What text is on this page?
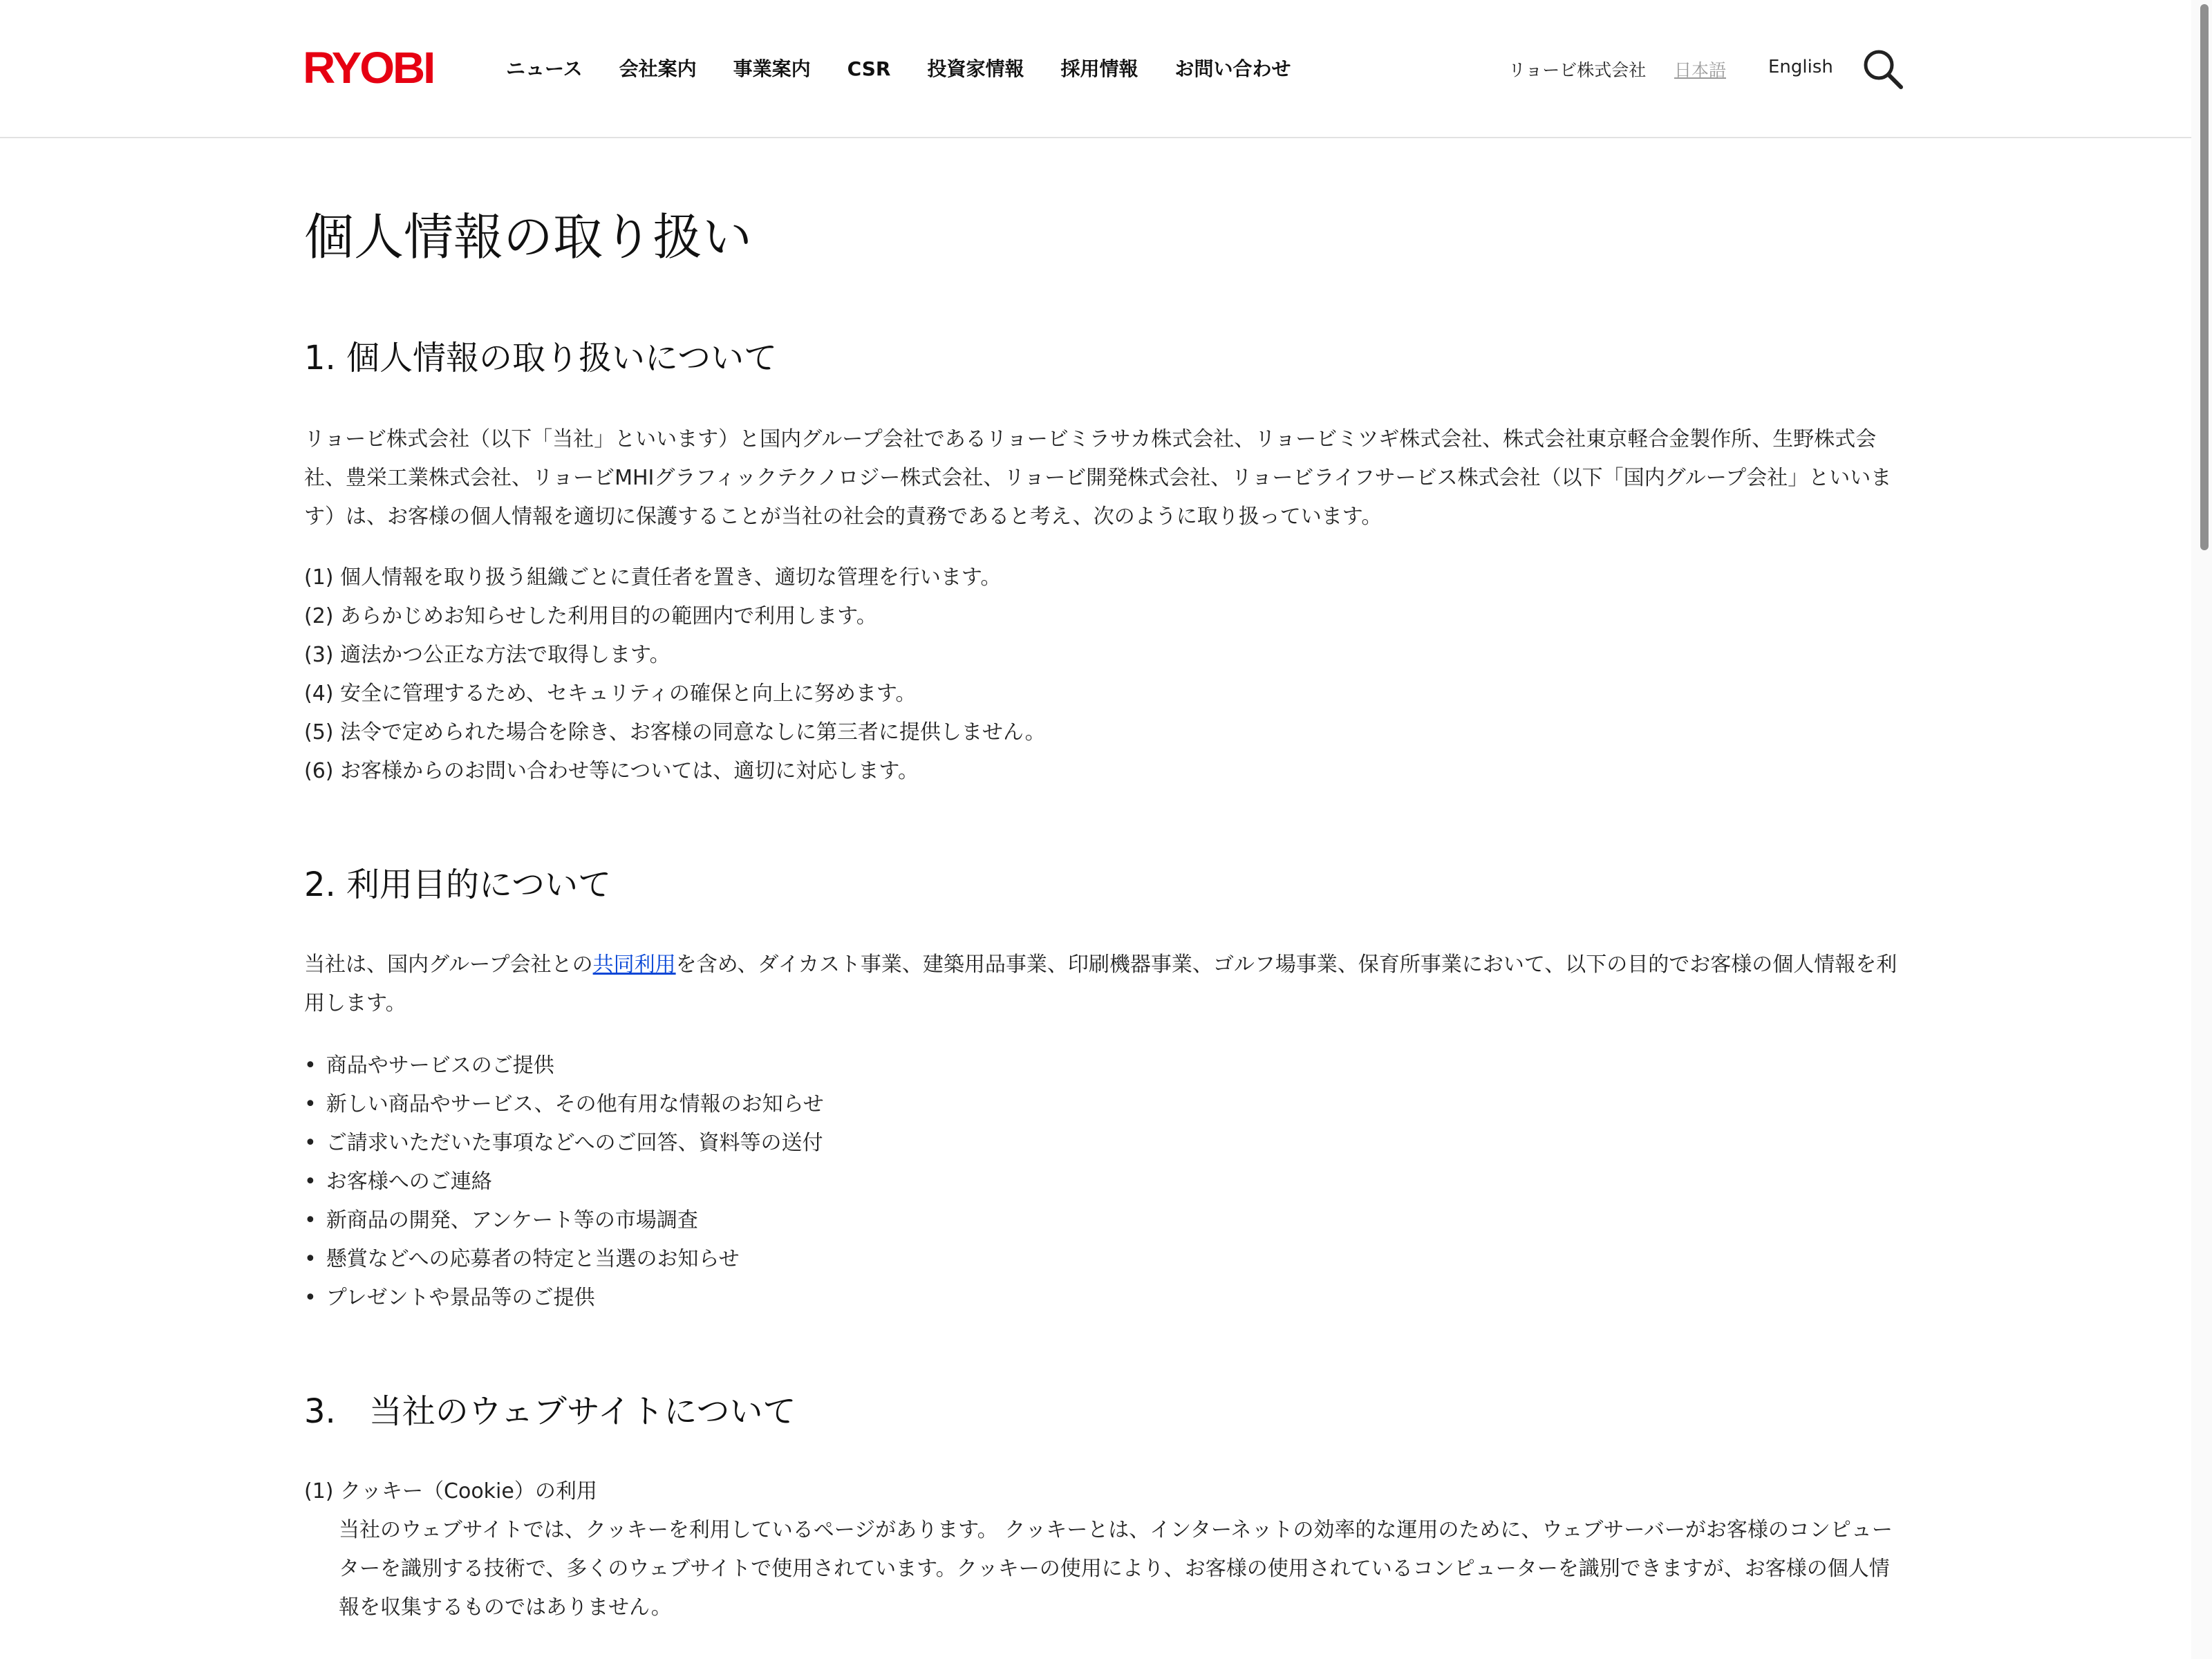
RYOBI	ニュース 会社案内 事業案内 CSR 投資家情報 採用情報 お問い合わせ	リョービ株式会社 日本語 English
個人情報の取り扱い
1. 個人情報の取り扱いについて
リョービ株式会社（以下「当社」といいます）と国内グループ会社であるリョービミラサカ株式会社、リョービミツギ株式会社、株式会社東京軽合金製作所、生野株式会社、豊栄工業株式会社、リョービMHIグラフィックテクノロジー株式会社、リョービ開発株式会社、リョービライフサービス株式会社（以下「国内グループ会社」といいます）は、お客様の個人情報を適切に保護することが当社の社会的責務であると考え、次のように取り扱っています。
(1) 個人情報を取り扱う組織ごとに責任者を置き、適切な管理を行います。
(2) あらかじめお知らせした利用目的の範囲内で利用します。
(3) 適法かつ公正な方法で取得します。
(4) 安全に管理するため、セキュリティの確保と向上に努めます。
(5) 法令で定められた場合を除き、お客様の同意なしに第三者に提供しません。
(6) お客様からのお問い合わせ等については、適切に対応します。
2. 利用目的について
当社は、国内グループ会社との共同利用を含め、ダイカスト事業、建築用品事業、印刷機器事業、ゴルフ場事業、保育所事業において、以下の目的でお客様の個人情報を利用します。
• 商品やサービスのご提供
• 新しい商品やサービス、その他有用な情報のお知らせ
• ご請求いただいた事項などへのご回答、資料等の送付
• お客様へのご連絡
• 新商品の開発、アンケート等の市場調査
• 懸賞などへの応募者の特定と当選のお知らせ
• プレゼントや景品等のご提供
3.　当社のウェブサイトについて
(1) クッキー（Cookie）の利用
当社のウェブサイトでは、クッキーを利用しているページがあります。 クッキーとは、インターネットの効率的な運用のために、ウェブサーバーがお客様のコンピューターを識別する技術で、多くのウェブサイトで使用されています。クッキーの使用により、お客様の使用されているコンピューターを識別できますが、お客様の個人情報を収集するものではありません。
